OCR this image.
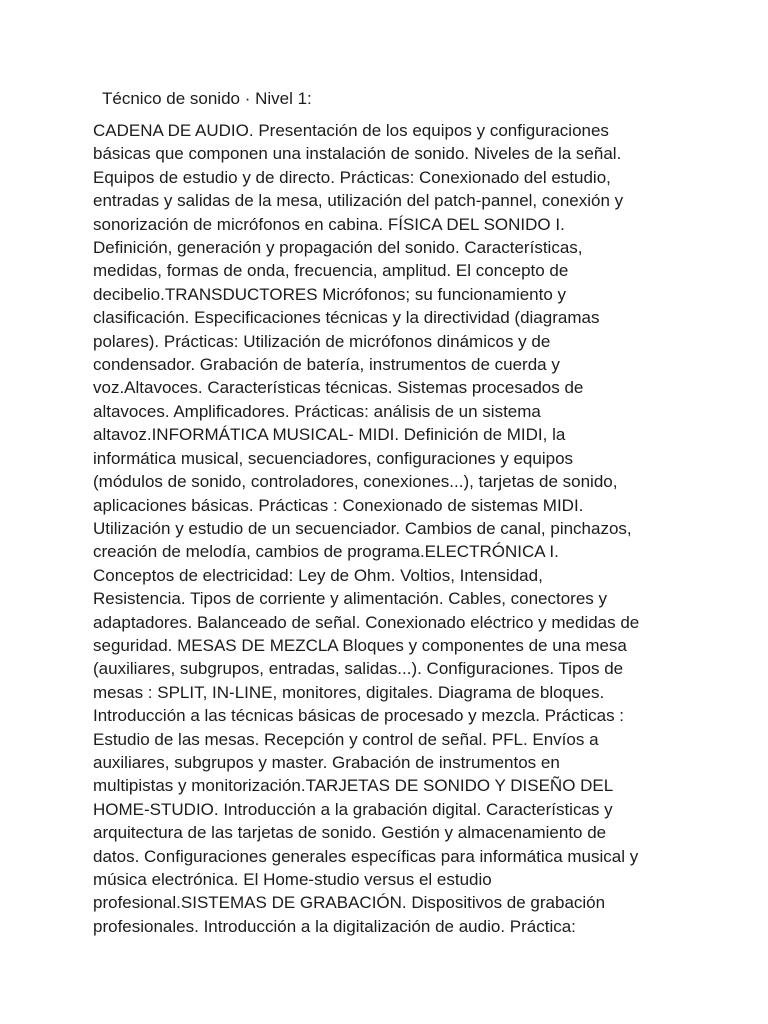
Técnico de sonido · Nivel 1:
CADENA DE AUDIO. Presentación de los equipos y configuraciones
básicas que componen una instalación de sonido. Niveles de la señal.
Equipos de estudio y de directo. Prácticas: Conexionado del estudio,
entradas y salidas de la mesa, utilización del patch-pannel, conexión y
sonorización de micrófonos en cabina. FÍSICA DEL SONIDO I.
Definición, generación y propagación del sonido. Características,
medidas, formas de onda, frecuencia, amplitud. El concepto de
decibelio.TRANSDUCTORES Micrófonos; su funcionamiento y
clasificación. Especificaciones técnicas y la directividad (diagramas
polares). Prácticas: Utilización de micrófonos dinámicos y de
condensador. Grabación de batería, instrumentos de cuerda y
voz.Altavoces. Características técnicas. Sistemas procesados de
altavoces. Amplificadores. Prácticas: análisis de un sistema
altavoz.INFORMÁTICA MUSICAL- MIDI. Definición de MIDI, la
informática musical, secuenciadores, configuraciones y equipos
(módulos de sonido, controladores, conexiones...), tarjetas de sonido,
aplicaciones básicas. Prácticas : Conexionado de sistemas MIDI.
Utilización y estudio de un secuenciador. Cambios de canal, pinchazos,
creación de melodía, cambios de programa.ELECTRÓNICA I.
Conceptos de electricidad: Ley de Ohm. Voltios, Intensidad,
Resistencia. Tipos de corriente y alimentación. Cables, conectores y
adaptadores. Balanceado de señal. Conexionado eléctrico y medidas de
seguridad. MESAS DE MEZCLA Bloques y componentes de una mesa
(auxiliares, subgrupos, entradas, salidas...). Configuraciones. Tipos de
mesas : SPLIT, IN-LINE, monitores, digitales. Diagrama de bloques.
Introducción a las técnicas básicas de procesado y mezcla. Prácticas :
Estudio de las mesas. Recepción y control de señal. PFL. Envíos a
auxiliares, subgrupos y master. Grabación de instrumentos en
multipistas y monitorización.TARJETAS DE SONIDO Y DISEÑO DEL
HOME-STUDIO. Introducción a la grabación digital. Características y
arquitectura de las tarjetas de sonido. Gestión y almacenamiento de
datos. Configuraciones generales específicas para informática musical y
música electrónica. El Home-studio versus el estudio
profesional.SISTEMAS DE GRABACIÓN. Dispositivos de grabación
profesionales. Introducción a la digitalización de audio. Práctica:
